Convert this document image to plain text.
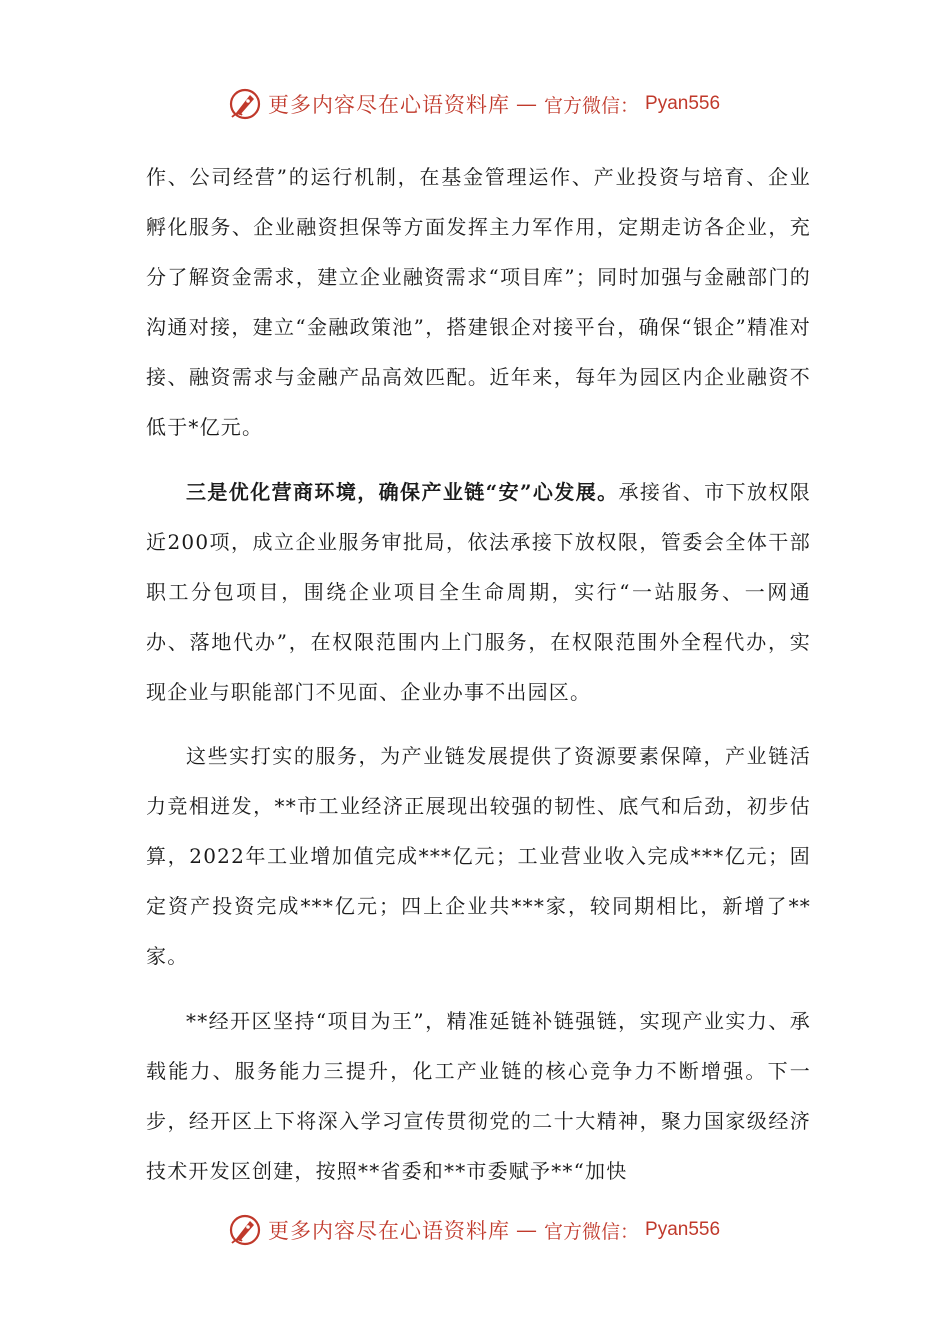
更多内容尽在心语资料库 — 官方微信： Pyan556

作、公司经营”的运行机制，在基金管理运作、产业投资与培育、企业孵化服务、企业融资担保等方面发挥主力军作用，定期走访各企业，充分了解资金需求，建立企业融资需求“项目库”；同时加强与金融部门的沟通对接，建立“金融政策池”，搭建银企对接平台，确保“银企”精准对接、融资需求与金融产品高效匹配。近年来，每年为园区内企业融资不低于*亿元。

三是优化营商环境，确保产业链“安”心发展。承接省、市下放权限近200项，成立企业服务审批局，依法承接下放权限，管委会全体干部职工分包项目，围绕企业项目全生命周期，实行“一站服务、一网通办、落地代办”，在权限范围内上门服务，在权限范围外全程代办，实现企业与职能部门不见面、企业办事不出园区。

这些实打实的服务，为产业链发展提供了资源要素保障，产业链活力竞相迸发，**市工业经济正展现出较强的韧性、底气和后劲，初步估算，2022年工业增加值完成***亿元；工业营业收入完成***亿元；固定资产投资完成***亿元；四上企业共***家，较同期相比，新增了**家。

**经开区坚持“项目为王”，精准延链补链强链，实现产业实力、承载能力、服务能力三提升，化工产业链的核心竞争力不断增强。下一步，经开区上下将深入学习宣传贯彻党的二十大精神，聚力国家级经济技术开发区创建，按照**省委和**市委赋予**“加快

更多内容尽在心语资料库 — 官方微信： Pyan556
